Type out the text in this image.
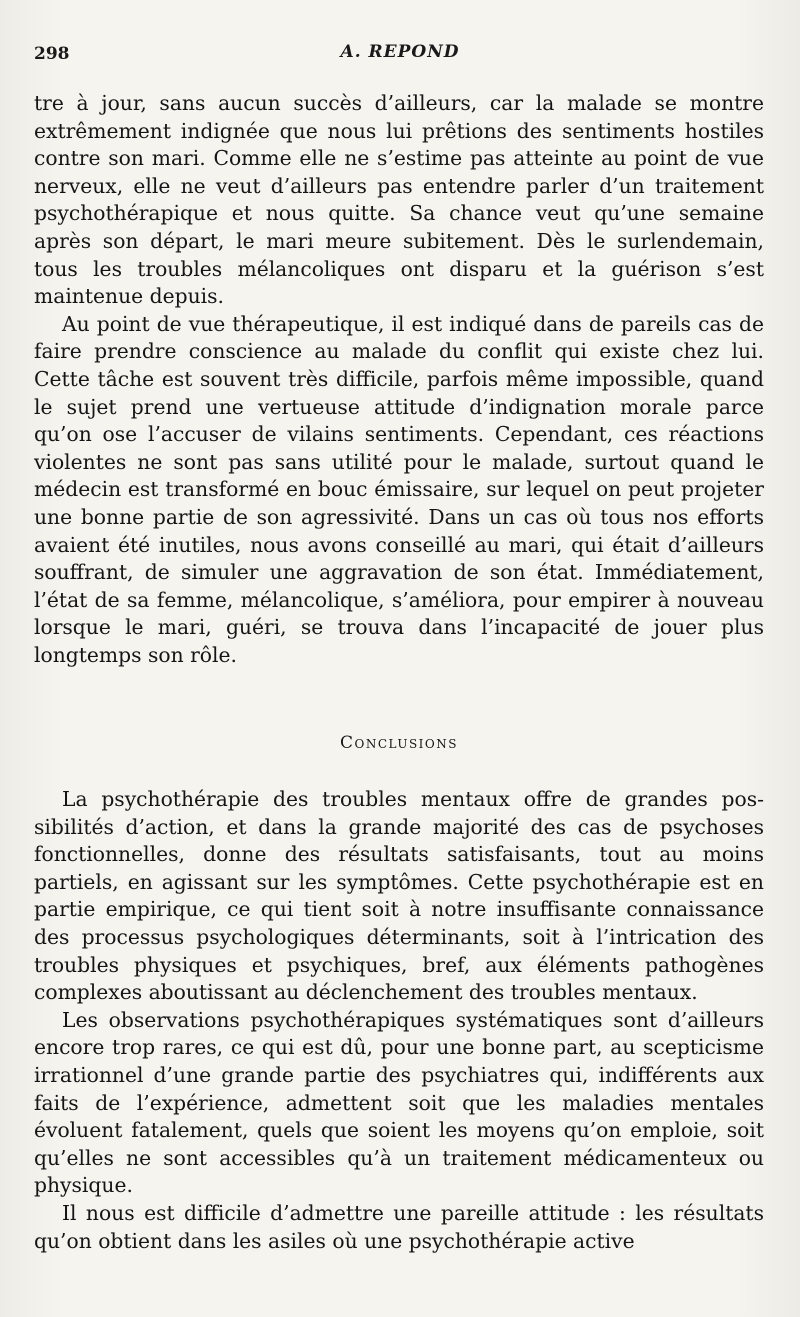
298	A. REPOND

tre à jour, sans aucun succès d’ailleurs, car la malade se montre extrêmement indignée que nous lui prêtions des sentiments hostiles contre son mari. Comme elle ne s’estime pas atteinte au point de vue nerveux, elle ne veut d’ailleurs pas entendre parler d’un traitement psychothérapique et nous quitte. Sa chance veut qu’une semaine après son départ, le mari meure subitement. Dès le surlendemain, tous les troubles mélancoliques ont disparu et la guérison s’est maintenue depuis.

Au point de vue thérapeutique, il est indiqué dans de pareils cas de faire prendre conscience au malade du conflit qui existe chez lui. Cette tâche est souvent très difficile, parfois même impossible, quand le sujet prend une vertueuse attitude d’indignation morale parce qu’on ose l’accuser de vilains sentiments. Cependant, ces réactions violentes ne sont pas sans utilité pour le malade, surtout quand le médecin est transformé en bouc émissaire, sur lequel on peut projeter une bonne partie de son agressivité. Dans un cas où tous nos efforts avaient été inutiles, nous avons conseillé au mari, qui était d’ailleurs souffrant, de simuler une aggravation de son état. Immédiatement, l’état de sa femme, mélancolique, s’améliora, pour empirer à nouveau lorsque le mari, guéri, se trouva dans l’incapacité de jouer plus longtemps son rôle.

Conclusions

La psychothérapie des troubles mentaux offre de grandes possibilités d’action, et dans la grande majorité des cas de psychoses fonctionnelles, donne des résultats satisfaisants, tout au moins partiels, en agissant sur les symptômes. Cette psychothérapie est en partie empirique, ce qui tient soit à notre insuffisante connaissance des processus psychologiques déterminants, soit à l’intrication des troubles physiques et psychiques, bref, aux éléments pathogènes complexes aboutissant au déclenchement des troubles mentaux.

Les observations psychothérapiques systématiques sont d’ailleurs encore trop rares, ce qui est dû, pour une bonne part, au scepticisme irrationnel d’une grande partie des psychiatres qui, indifférents aux faits de l’expérience, admettent soit que les maladies mentales évoluent fatalement, quels que soient les moyens qu’on emploie, soit qu’elles ne sont accessibles qu’à un traitement médicamenteux ou physique.

Il nous est difficile d’admettre une pareille attitude : les résultats qu’on obtient dans les asiles où une psychothérapie active
